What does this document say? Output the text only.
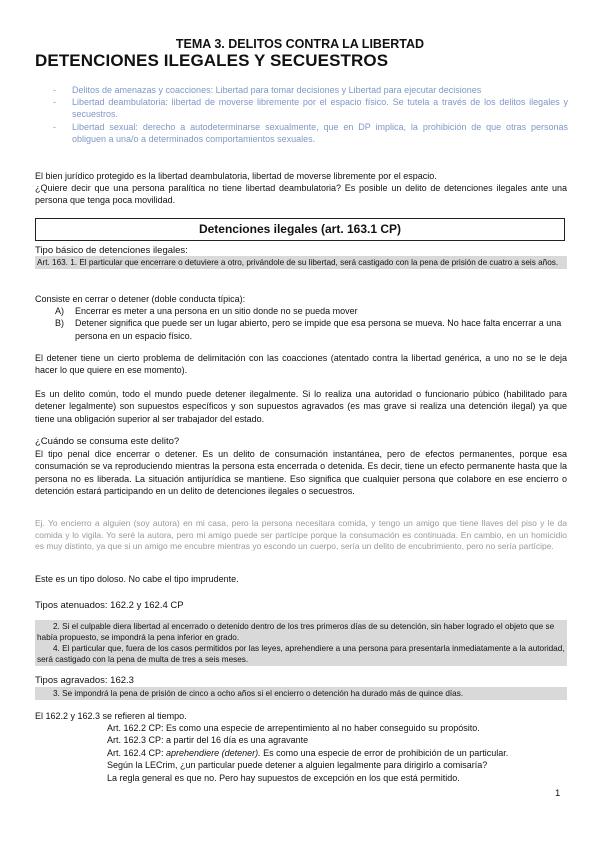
TEMA 3. DELITOS CONTRA LA LIBERTAD
DETENCIONES ILEGALES Y SECUESTROS
- Delitos de amenazas y coacciones: Libertad para tomar decisiones y Libertad para ejecutar decisiones
- Libertad deambulatoria: libertad de moverse libremente por el espacio físico. Se tutela a través de los delitos ilegales y secuestros.
- Libertad sexual: derecho a autodeterminarse sexualmente, que en DP implica, la prohibición de que otras personas obliguen a una/o a determinados comportamientos sexuales.

El bien jurídico protegido es la libertad deambulatoria, libertad de moverse libremente por el espacio.

¿Quiere decir que una persona paralítica no tiene libertad deambulatoria? Es posible un delito de detenciones ilegales ante una persona que tenga poca movilidad.

Detenciones ilegales (art. 163.1 CP)

Tipo básico de detenciones ilegales:

Art. 163. 1. El particular que encerrare o detuviere a otro, privándole de su libertad, será castigado con la pena de prisión de cuatro a seis años.

Consiste en cerrar o detener (doble conducta típica):

A) Encerrar es meter a una persona en un sitio donde no se pueda mover
B) Detener significa que puede ser un lugar abierto, pero se impide que esa persona se mueva. No hace falta encerrar a una persona en un espacio físico.

El detener tiene un cierto problema de delimitación con las coacciones (atentado contra la libertad genérica, a uno no se le deja hacer lo que quiere en ese momento).

Es un delito común, todo el mundo puede detener ilegalmente. Si lo realiza una autoridad o funcionario púbico (habilitado para detener legalmente) son supuestos específicos y son supuestos agravados (es mas grave si realiza una detención ilegal) ya que tiene una obligación superior al ser trabajador del estado.

¿Cuándo se consuma este delito?

El tipo penal dice encerrar o detener. Es un delito de consumación instantánea, pero de efectos permanentes, porque esa consumación se va reproduciendo mientras la persona esta encerrada o detenida. Es decir, tiene un efecto permanente hasta que la persona no es liberada. La situación antijurídica se mantiene. Eso significa que cualquier persona que colabore en ese encierro o detención estará participando en un delito de detenciones ilegales o secuestros.

Ej. Yo encierro a alguien (soy autora) en mi casa, pero la persona necesitara comida, y tengo un amigo que tiene llaves del piso y le da comida y lo vigila. Yo seré la autora, pero mi amigo puede ser partícipe porque la consumación es continuada. En cambio, en un homicidio es muy distinto, ya que si un amigo me encubre mientras yo escondo un cuerpo, sería un delito de encubrimiento, pero no sería partícipe.

Este es un tipo doloso. No cabe el tipo imprudente.

Tipos atenuados: 162.2 y 162.4 CP

2. Si el culpable diera libertad al encerrado o detenido dentro de los tres primeros días de su detención, sin haber logrado el objeto que se había propuesto, se impondrá la pena inferior en grado.
4. El particular que, fuera de los casos permitidos por las leyes, aprehendiere a una persona para presentarla inmediatamente a la autoridad, será castigado con la pena de multa de tres a seis meses.

Tipos agravados: 162.3

3. Se impondrá la pena de prisión de cinco a ocho años si el encierro o detención ha durado más de quince días.

El 162.2 y 162.3 se refieren al tiempo.

Art. 162.2 CP: Es como una especie de arrepentimiento al no haber conseguido su propósito.
Art. 162.3 CP: a partir del 16 día es una agravante
Art. 162.4 CP: aprehendiere (detener). Es como una especie de error de prohibición de un particular.
Según la LECrim, ¿un particular puede detener a alguien legalmente para dirigirlo a comisaría?
La regla general es que no. Pero hay supuestos de excepción en los que está permitido.
1
